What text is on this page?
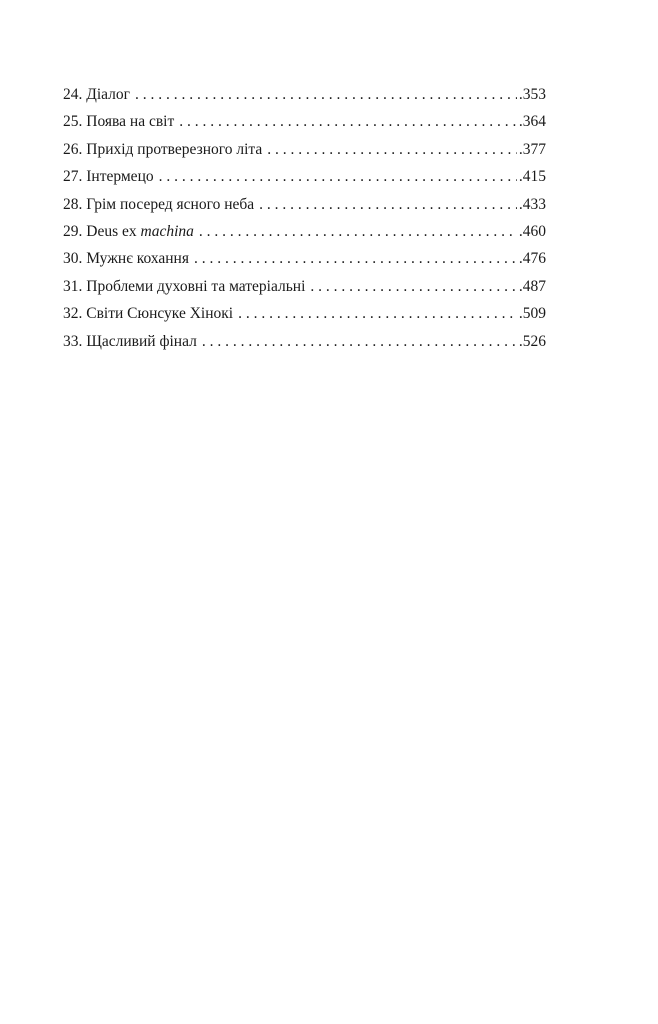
24. Діалог . . .	.353
25. Поява на світ . . .	.364
26. Прихід протверезного літа . . .	.377
27. Інтермецо . . .	.415
28. Грім посеред ясного неба . . .	.433
29. Deus ex machina . . .	.460
30. Мужнє кохання . . .	.476
31. Проблеми духовні та матеріальні . . .	.487
32. Світи Сюнсуке Хінокі . . .	.509
33. Щасливий фінал . . .	.526
